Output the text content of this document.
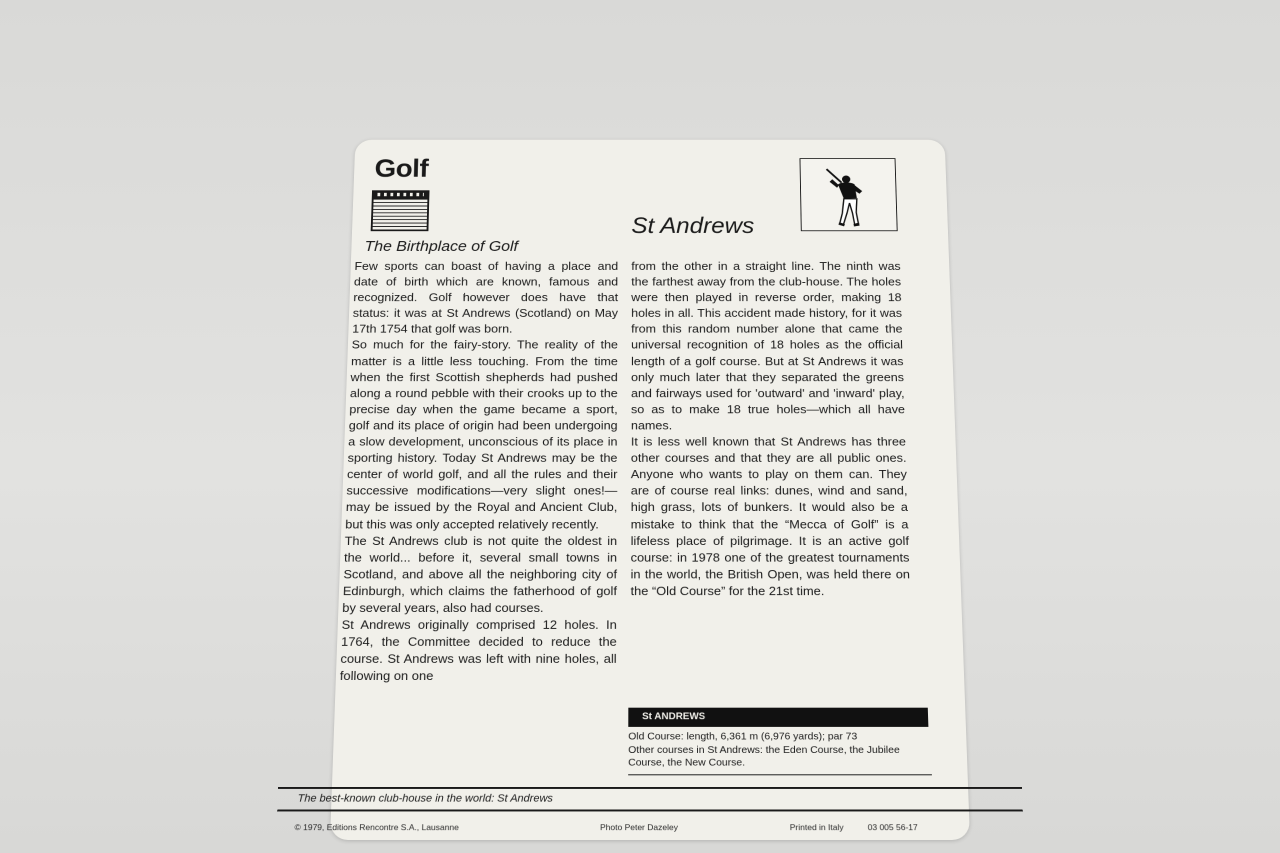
Golf
St Andrews
The Birthplace of Golf

Few sports can boast of having a place and date of birth which are known, famous and recognized. Golf however does have that status: it was at St Andrews (Scotland) on May 17th 1754 that golf was born.

So much for the fairy-story. The reality of the matter is a little less touching. From the time when the first Scottish shepherds had pushed along a round pebble with their crooks up to the precise day when the game became a sport, golf and its place of origin had been undergoing a slow development, unconscious of its place in sporting history. Today St Andrews may be the center of world golf, and all the rules and their successive modifications—very slight ones!—may be issued by the Royal and Ancient Club, but this was only accepted relatively recently.

The St Andrews club is not quite the oldest in the world... before it, several small towns in Scotland, and above all the neighboring city of Edinburgh, which claims the fatherhood of golf by several years, also had courses.

St Andrews originally comprised 12 holes. In 1764, the Committee decided to reduce the course. St Andrews was left with nine holes, all following on one

from the other in a straight line. The ninth was the farthest away from the club-house. The holes were then played in reverse order, making 18 holes in all. This accident made history, for it was from this random number alone that came the universal recognition of 18 holes as the official length of a golf course. But at St Andrews it was only much later that they separated the greens and fairways used for 'outward' and 'inward' play, so as to make 18 true holes—which all have names.

It is less well known that St Andrews has three other courses and that they are all public ones. Anyone who wants to play on them can. They are of course real links: dunes, wind and sand, high grass, lots of bunkers. It would also be a mistake to think that the “Mecca of Golf” is a lifeless place of pilgrimage. It is an active golf course: in 1978 one of the greatest tournaments in the world, the British Open, was held there on the “Old Course” for the 21st time.

St ANDREWS
Old Course: length, 6,361 m (6,976 yards); par 73
Other courses in St Andrews: the Eden Course, the Jubilee Course, the New Course.
The best-known club-house in the world: St Andrews
© 1979, Editions Rencontre S.A., Lausanne	Photo Peter Dazeley	Printed in Italy	03 005 56-17
